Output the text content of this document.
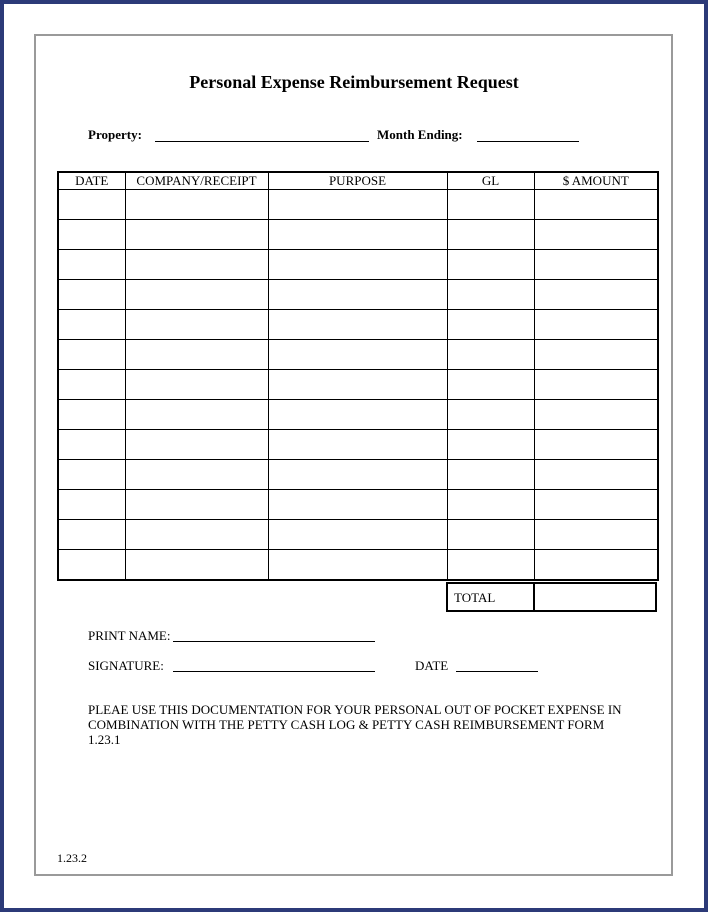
Personal Expense Reimbursement Request
Property:	Month Ending:
DATE	COMPANY/RECEIPT	PURPOSE	GL	$ AMOUNT

TOTAL
PRINT NAME:
SIGNATURE:	DATE
PLEAE USE THIS DOCUMENTATION FOR YOUR PERSONAL OUT OF POCKET EXPENSE IN
COMBINATION WITH THE PETTY CASH LOG & PETTY CASH REIMBURSEMENT FORM
1.23.1
1.23.2
